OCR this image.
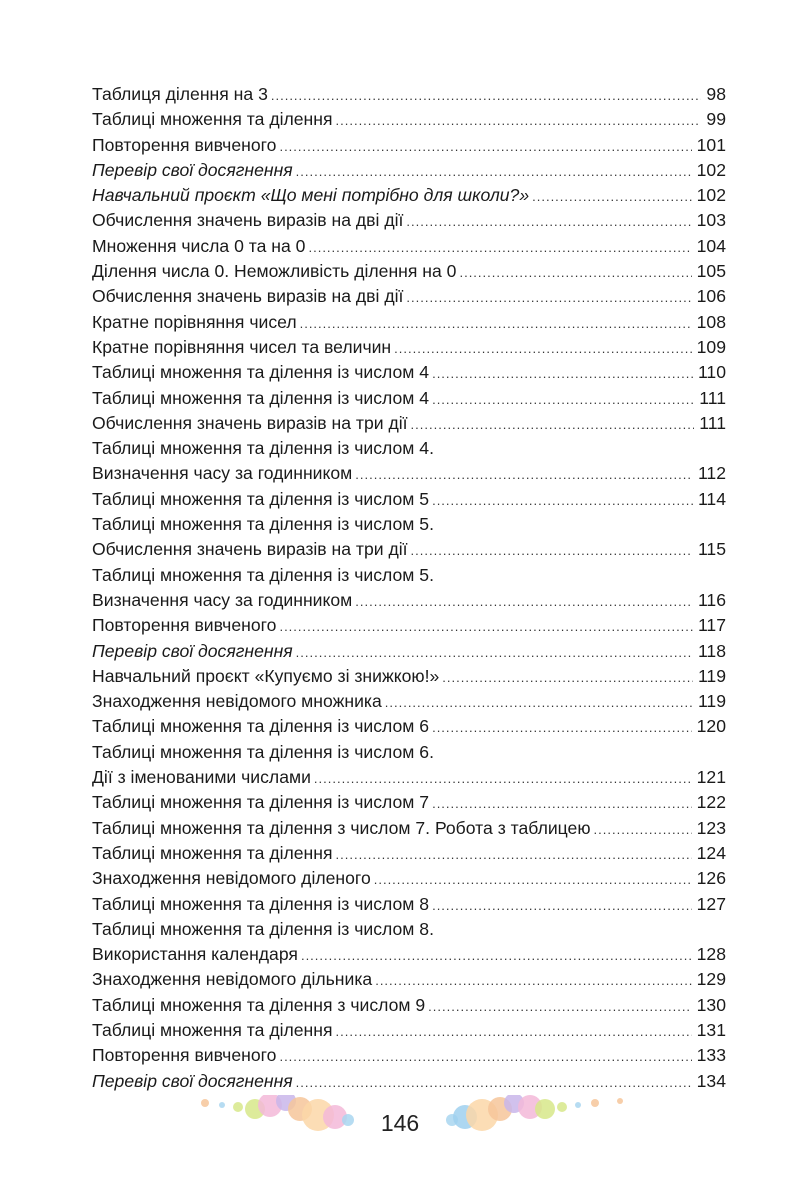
Таблиця ділення на 3 .....	98
Таблиці множення та ділення .....	99
Повторення вивченого .....	101
Перевір свої досягнення .....	102
Навчальний проєкт «Що мені потрібно для школи?» .....	102
Обчислення значень виразів на дві дії .....	103
Множення числа 0 та на 0 .....	104
Ділення числа 0. Неможливість ділення на 0 .....	105
Обчислення значень виразів на дві дії .....	106
Кратне порівняння чисел .....	108
Кратне порівняння чисел та величин .....	109
Таблиці множення та ділення із числом 4 .....	110
Таблиці множення та ділення із числом 4 .....	111
Обчислення значень виразів на три дії .....	111
Таблиці множення та ділення із числом 4.
Визначення часу за годинником .....	112
Таблиці множення та ділення із числом 5 .....	114
Таблиці множення та ділення із числом 5.
Обчислення значень виразів на три дії .....	115
Таблиці множення та ділення із числом 5.
Визначення часу за годинником .....	116
Повторення вивченого .....	117
Перевір свої досягнення .....	118
Навчальний проєкт «Купуємо зі знижкою!» .....	119
Знаходження невідомого множника .....	119
Таблиці множення та ділення із числом 6 .....	120
Таблиці множення та ділення із числом 6.
Дії з іменованими числами .....	121
Таблиці множення та ділення із числом 7 .....	122
Таблиці множення та ділення з числом 7. Робота з таблицею .....	123
Таблиці множення та ділення .....	124
Знаходження невідомого діленого .....	126
Таблиці множення та ділення із числом 8 .....	127
Таблиці множення та ділення із числом 8.
Використання календаря .....	128
Знаходження невідомого дільника .....	129
Таблиці множення та ділення з числом 9 .....	130
Таблиці множення та ділення .....	131
Повторення вивченого .....	133
Перевір свої досягнення .....	134
146
